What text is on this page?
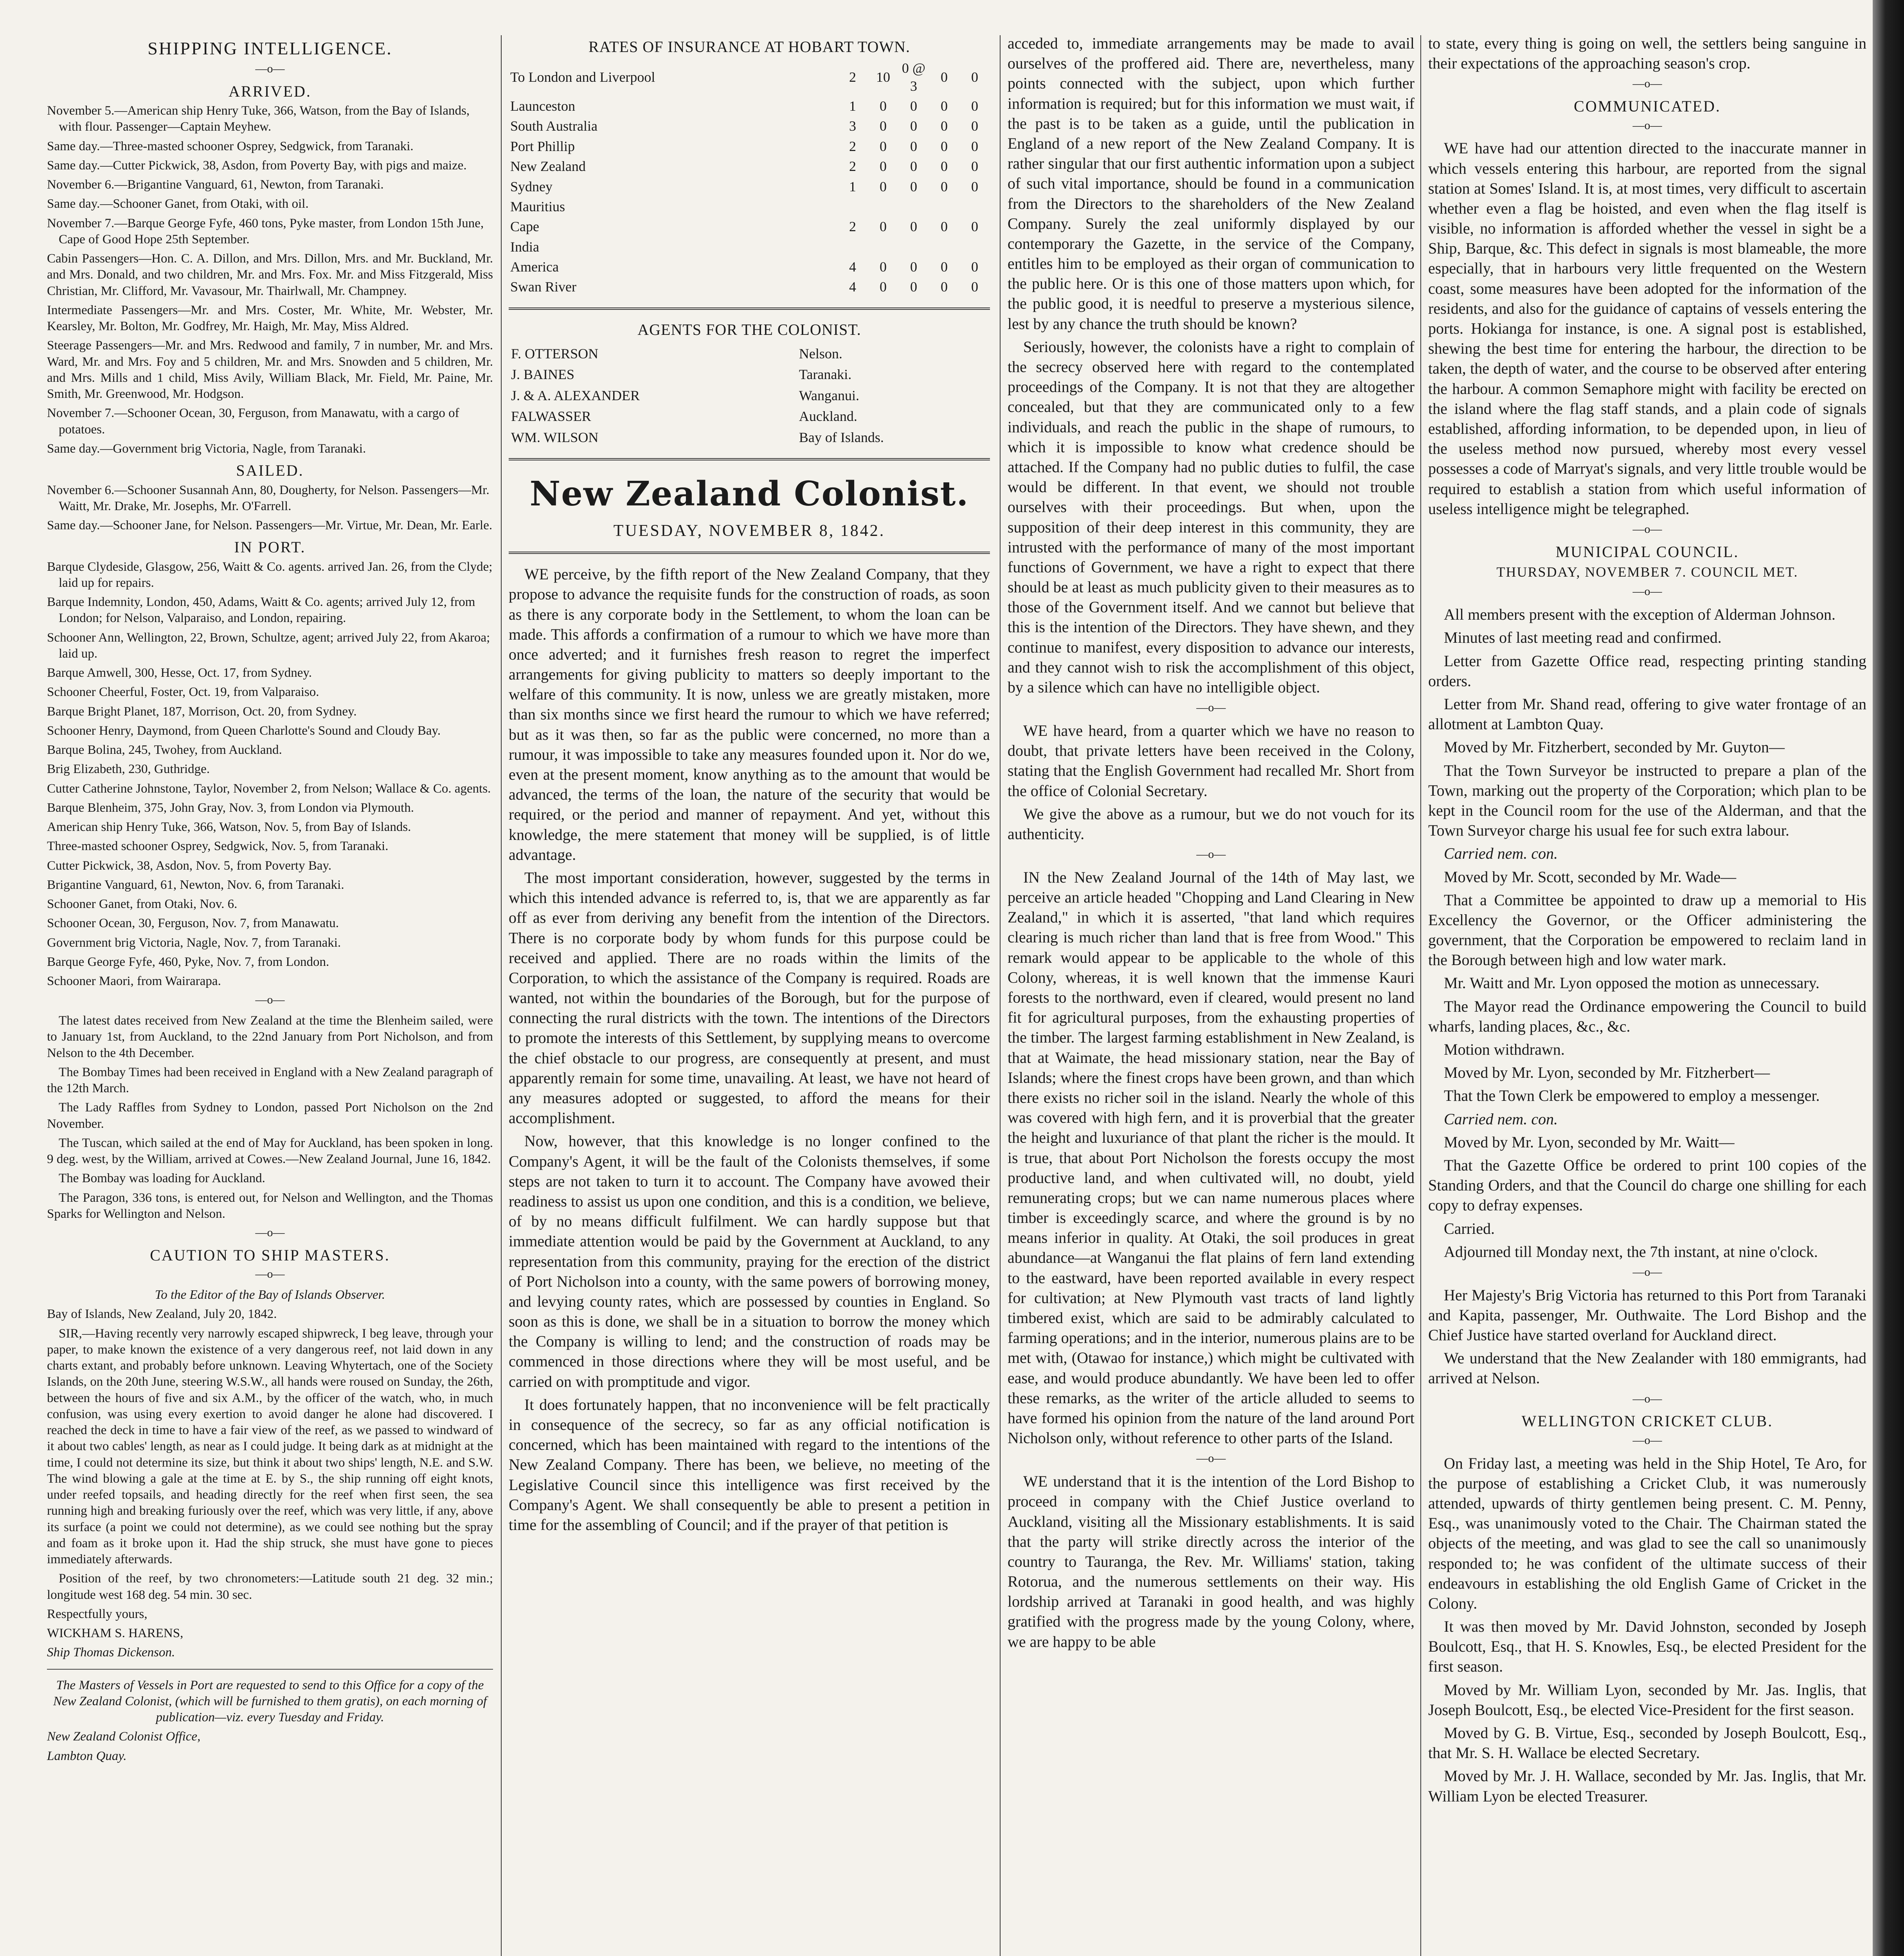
SHIPPING INTELLIGENCE.
—o—
ARRIVED.

November 5.—American ship Henry Tuke, 366, Watson, from the Bay of Islands, with flour. Passenger—Captain Meyhew.

Same day.—Three-masted schooner Osprey, Sedgwick, from Taranaki.

Same day.—Cutter Pickwick, 38, Asdon, from Poverty Bay, with pigs and maize.

November 6.—Brigantine Vanguard, 61, Newton, from Taranaki.

Same day.—Schooner Ganet, from Otaki, with oil.

November 7.—Barque George Fyfe, 460 tons, Pyke master, from London 15th June, Cape of Good Hope 25th September.

Cabin Passengers—Hon. C. A. Dillon, and Mrs. Dillon, Mrs. and Mr. Buckland, Mr. and Mrs. Donald, and two children, Mr. and Mrs. Fox. Mr. and Miss Fitzgerald, Miss Christian, Mr. Clifford, Mr. Vavasour, Mr. Thairlwall, Mr. Champney.

Intermediate Passengers—Mr. and Mrs. Coster, Mr. White, Mr. Webster, Mr. Kearsley, Mr. Bolton, Mr. Godfrey, Mr. Haigh, Mr. May, Miss Aldred.

Steerage Passengers—Mr. and Mrs. Redwood and family, 7 in number, Mr. and Mrs. Ward, Mr. and Mrs. Foy and 5 children, Mr. and Mrs. Snowden and 5 children, Mr. and Mrs. Mills and 1 child, Miss Avily, William Black, Mr. Field, Mr. Paine, Mr. Smith, Mr. Greenwood, Mr. Hodgson.

November 7.—Schooner Ocean, 30, Ferguson, from Manawatu, with a cargo of potatoes.

Same day.—Government brig Victoria, Nagle, from Taranaki.

SAILED.

November 6.—Schooner Susannah Ann, 80, Dougherty, for Nelson. Passengers—Mr. Waitt, Mr. Drake, Mr. Josephs, Mr. O'Farrell.

Same day.—Schooner Jane, for Nelson. Passengers—Mr. Virtue, Mr. Dean, Mr. Earle.

IN PORT.

Barque Clydeside, Glasgow, 256, Waitt & Co. agents. arrived Jan. 26, from the Clyde; laid up for repairs.

Barque Indemnity, London, 450, Adams, Waitt & Co. agents; arrived July 12, from London; for Nelson, Valparaiso, and London, repairing.

Schooner Ann, Wellington, 22, Brown, Schultze, agent; arrived July 22, from Akaroa; laid up.

Barque Amwell, 300, Hesse, Oct. 17, from Sydney.

Schooner Cheerful, Foster, Oct. 19, from Valparaiso.

Barque Bright Planet, 187, Morrison, Oct. 20, from Sydney.

Schooner Henry, Daymond, from Queen Charlotte's Sound and Cloudy Bay.

Barque Bolina, 245, Twohey, from Auckland.

Brig Elizabeth, 230, Guthridge.

Cutter Catherine Johnstone, Taylor, November 2, from Nelson; Wallace & Co. agents.

Barque Blenheim, 375, John Gray, Nov. 3, from London via Plymouth.

American ship Henry Tuke, 366, Watson, Nov. 5, from Bay of Islands.

Three-masted schooner Osprey, Sedgwick, Nov. 5, from Taranaki.

Cutter Pickwick, 38, Asdon, Nov. 5, from Poverty Bay.

Brigantine Vanguard, 61, Newton, Nov. 6, from Taranaki.

Schooner Ganet, from Otaki, Nov. 6.

Schooner Ocean, 30, Ferguson, Nov. 7, from Manawatu.

Government brig Victoria, Nagle, Nov. 7, from Taranaki.

Barque George Fyfe, 460, Pyke, Nov. 7, from London.

Schooner Maori, from Wairarapa.

—o—

The latest dates received from New Zealand at the time the Blenheim sailed, were to January 1st, from Auckland, to the 22nd January from Port Nicholson, and from Nelson to the 4th December.

The Bombay Times had been received in England with a New Zealand paragraph of the 12th March.

The Lady Raffles from Sydney to London, passed Port Nicholson on the 2nd November.

The Tuscan, which sailed at the end of May for Auckland, has been spoken in long. 9 deg. west, by the William, arrived at Cowes.—New Zealand Journal, June 16, 1842.

The Bombay was loading for Auckland.

The Paragon, 336 tons, is entered out, for Nelson and Wellington, and the Thomas Sparks for Wellington and Nelson.

—o—
CAUTION TO SHIP MASTERS.
—o—

To the Editor of the Bay of Islands Observer.

Bay of Islands, New Zealand, July 20, 1842.

SIR,—Having recently very narrowly escaped shipwreck, I beg leave, through your paper, to make known the existence of a very dangerous reef, not laid down in any charts extant, and probably before unknown. Leaving Whytertach, one of the Society Islands, on the 20th June, steering W.S.W., all hands were roused on Sunday, the 26th, between the hours of five and six A.M., by the officer of the watch, who, in much confusion, was using every exertion to avoid danger he alone had discovered. I reached the deck in time to have a fair view of the reef, as we passed to windward of it about two cables' length, as near as I could judge. It being dark as at midnight at the time, I could not determine its size, but think it about two ships' length, N.E. and S.W. The wind blowing a gale at the time at E. by S., the ship running off eight knots, under reefed topsails, and heading directly for the reef when first seen, the sea running high and breaking furiously over the reef, which was very little, if any, above its surface (a point we could not determine), as we could see nothing but the spray and foam as it broke upon it. Had the ship struck, she must have gone to pieces immediately afterwards.

Position of the reef, by two chronometers:—Latitude south 21 deg. 32 min.; longitude west 168 deg. 54 min. 30 sec.

Respectfully yours,

WICKHAM S. HARENS,

Ship Thomas Dickenson.

The Masters of Vessels in Port are requested to send to this Office for a copy of the New Zealand Colonist, (which will be furnished to them gratis), on each morning of publication—viz. every Tuesday and Friday.

New Zealand Colonist Office,

Lambton Quay.

RATES OF INSURANCE AT HOBART TOWN.
To London and Liverpool	2	10	0 @ 3	0	0
Launceston	1	0	0	0	0
South Australia	3	0	0	0	0
Port Phillip	2	0	0	0	0
New Zealand	2	0	0	0	0
Sydney	1	0	0	0	0
Mauritius					
Cape	2	0	0	0	0
India					
America	4	0	0	0	0
Swan River	4	0	0	0	0
AGENTS FOR THE COLONIST.
F. OTTERSON	Nelson.
J. BAINES	Taranaki.
J. & A. ALEXANDER	Wanganui.
FALWASSER	Auckland.
WM. WILSON	Bay of Islands.
New Zealand Colonist.
TUESDAY, NOVEMBER 8, 1842.

WE perceive, by the fifth report of the New Zealand Company, that they propose to advance the requisite funds for the construction of roads, as soon as there is any corporate body in the Settlement, to whom the loan can be made. This affords a confirmation of a rumour to which we have more than once adverted; and it furnishes fresh reason to regret the imperfect arrangements for giving publicity to matters so deeply important to the welfare of this community. It is now, unless we are greatly mistaken, more than six months since we first heard the rumour to which we have referred; but as it was then, so far as the public were concerned, no more than a rumour, it was impossible to take any measures founded upon it. Nor do we, even at the present moment, know anything as to the amount that would be advanced, the terms of the loan, the nature of the security that would be required, or the period and manner of repayment. And yet, without this knowledge, the mere statement that money will be supplied, is of little advantage.

The most important consideration, however, suggested by the terms in which this intended advance is referred to, is, that we are apparently as far off as ever from deriving any benefit from the intention of the Directors. There is no corporate body by whom funds for this purpose could be received and applied. There are no roads within the limits of the Corporation, to which the assistance of the Company is required. Roads are wanted, not within the boundaries of the Borough, but for the purpose of connecting the rural districts with the town. The intentions of the Directors to promote the interests of this Settlement, by supplying means to overcome the chief obstacle to our progress, are consequently at present, and must apparently remain for some time, unavailing. At least, we have not heard of any measures adopted or suggested, to afford the means for their accomplishment.

Now, however, that this knowledge is no longer confined to the Company's Agent, it will be the fault of the Colonists themselves, if some steps are not taken to turn it to account. The Company have avowed their readiness to assist us upon one condition, and this is a condition, we believe, of by no means difficult fulfilment. We can hardly suppose but that immediate attention would be paid by the Government at Auckland, to any representation from this community, praying for the erection of the district of Port Nicholson into a county, with the same powers of borrowing money, and levying county rates, which are possessed by counties in England. So soon as this is done, we shall be in a situation to borrow the money which the Company is willing to lend; and the construction of roads may be commenced in those directions where they will be most useful, and be carried on with promptitude and vigor.

It does fortunately happen, that no inconvenience will be felt practically in consequence of the secrecy, so far as any official notification is concerned, which has been maintained with regard to the intentions of the New Zealand Company. There has been, we believe, no meeting of the Legislative Council since this intelligence was first received by the Company's Agent. We shall consequently be able to present a petition in time for the assembling of Council; and if the prayer of that petition is

acceded to, immediate arrangements may be made to avail ourselves of the proffered aid. There are, nevertheless, many points connected with the subject, upon which further information is required; but for this information we must wait, if the past is to be taken as a guide, until the publication in England of a new report of the New Zealand Company. It is rather singular that our first authentic information upon a subject of such vital importance, should be found in a communication from the Directors to the shareholders of the New Zealand Company. Surely the zeal uniformly displayed by our contemporary the Gazette, in the service of the Company, entitles him to be employed as their organ of communication to the public here. Or is this one of those matters upon which, for the public good, it is needful to preserve a mysterious silence, lest by any chance the truth should be known?

Seriously, however, the colonists have a right to complain of the secrecy observed here with regard to the contemplated proceedings of the Company. It is not that they are altogether concealed, but that they are communicated only to a few individuals, and reach the public in the shape of rumours, to which it is impossible to know what credence should be attached. If the Company had no public duties to fulfil, the case would be different. In that event, we should not trouble ourselves with their proceedings. But when, upon the supposition of their deep interest in this community, they are intrusted with the performance of many of the most important functions of Government, we have a right to expect that there should be at least as much publicity given to their measures as to those of the Government itself. And we cannot but believe that this is the intention of the Directors. They have shewn, and they continue to manifest, every disposition to advance our interests, and they cannot wish to risk the accomplishment of this object, by a silence which can have no intelligible object.

—o—

WE have heard, from a quarter which we have no reason to doubt, that private letters have been received in the Colony, stating that the English Government had recalled Mr. Short from the office of Colonial Secretary.

We give the above as a rumour, but we do not vouch for its authenticity.

—o—

IN the New Zealand Journal of the 14th of May last, we perceive an article headed "Chopping and Land Clearing in New Zealand," in which it is asserted, "that land which requires clearing is much richer than land that is free from Wood." This remark would appear to be applicable to the whole of this Colony, whereas, it is well known that the immense Kauri forests to the northward, even if cleared, would present no land fit for agricultural purposes, from the exhausting properties of the timber. The largest farming establishment in New Zealand, is that at Waimate, the head missionary station, near the Bay of Islands; where the finest crops have been grown, and than which there exists no richer soil in the island. Nearly the whole of this was covered with high fern, and it is proverbial that the greater the height and luxuriance of that plant the richer is the mould. It is true, that about Port Nicholson the forests occupy the most productive land, and when cultivated will, no doubt, yield remunerating crops; but we can name numerous places where timber is exceedingly scarce, and where the ground is by no means inferior in quality. At Otaki, the soil produces in great abundance—at Wanganui the flat plains of fern land extending to the eastward, have been reported available in every respect for cultivation; at New Plymouth vast tracts of land lightly timbered exist, which are said to be admirably calculated to farming operations; and in the interior, numerous plains are to be met with, (Otawao for instance,) which might be cultivated with ease, and would produce abundantly. We have been led to offer these remarks, as the writer of the article alluded to seems to have formed his opinion from the nature of the land around Port Nicholson only, without reference to other parts of the Island.

—o—

WE understand that it is the intention of the Lord Bishop to proceed in company with the Chief Justice overland to Auckland, visiting all the Missionary establishments. It is said that the party will strike directly across the interior of the country to Tauranga, the Rev. Mr. Williams' station, taking Rotorua, and the numerous settlements on their way. His lordship arrived at Taranaki in good health, and was highly gratified with the progress made by the young Colony, where, we are happy to be able

to state, every thing is going on well, the settlers being sanguine in their expectations of the approaching season's crop.

—o—
COMMUNICATED.
—o—

WE have had our attention directed to the inaccurate manner in which vessels entering this harbour, are reported from the signal station at Somes' Island. It is, at most times, very difficult to ascertain whether even a flag be hoisted, and even when the flag itself is visible, no information is afforded whether the vessel in sight be a Ship, Barque, &c. This defect in signals is most blameable, the more especially, that in harbours very little frequented on the Western coast, some measures have been adopted for the information of the residents, and also for the guidance of captains of vessels entering the ports. Hokianga for instance, is one. A signal post is established, shewing the best time for entering the harbour, the direction to be taken, the depth of water, and the course to be observed after entering the harbour. A common Semaphore might with facility be erected on the island where the flag staff stands, and a plain code of signals established, affording information, to be depended upon, in lieu of the useless method now pursued, whereby most every vessel possesses a code of Marryat's signals, and very little trouble would be required to establish a station from which useful information of useless intelligence might be telegraphed.

—o—
MUNICIPAL COUNCIL.

THURSDAY, NOVEMBER 7. COUNCIL MET.

—o—

All members present with the exception of Alderman Johnson.

Minutes of last meeting read and confirmed.

Letter from Gazette Office read, respecting printing standing orders.

Letter from Mr. Shand read, offering to give water frontage of an allotment at Lambton Quay.

Moved by Mr. Fitzherbert, seconded by Mr. Guyton—

That the Town Surveyor be instructed to prepare a plan of the Town, marking out the property of the Corporation; which plan to be kept in the Council room for the use of the Alderman, and that the Town Surveyor charge his usual fee for such extra labour.

Carried nem. con.

Moved by Mr. Scott, seconded by Mr. Wade—

That a Committee be appointed to draw up a memorial to His Excellency the Governor, or the Officer administering the government, that the Corporation be empowered to reclaim land in the Borough between high and low water mark.

Mr. Waitt and Mr. Lyon opposed the motion as unnecessary.

The Mayor read the Ordinance empowering the Council to build wharfs, landing places, &c., &c.

Motion withdrawn.

Moved by Mr. Lyon, seconded by Mr. Fitzherbert—

That the Town Clerk be empowered to employ a messenger.

Carried nem. con.

Moved by Mr. Lyon, seconded by Mr. Waitt—

That the Gazette Office be ordered to print 100 copies of the Standing Orders, and that the Council do charge one shilling for each copy to defray expenses.

Carried.

Adjourned till Monday next, the 7th instant, at nine o'clock.

—o—

Her Majesty's Brig Victoria has returned to this Port from Taranaki and Kapita, passenger, Mr. Outhwaite. The Lord Bishop and the Chief Justice have started overland for Auckland direct.

We understand that the New Zealander with 180 emmigrants, had arrived at Nelson.

—o—
WELLINGTON CRICKET CLUB.
—o—

On Friday last, a meeting was held in the Ship Hotel, Te Aro, for the purpose of establishing a Cricket Club, it was numerously attended, upwards of thirty gentlemen being present. C. M. Penny, Esq., was unanimously voted to the Chair. The Chairman stated the objects of the meeting, and was glad to see the call so unanimously responded to; he was confident of the ultimate success of their endeavours in establishing the old English Game of Cricket in the Colony.

It was then moved by Mr. David Johnston, seconded by Joseph Boulcott, Esq., that H. S. Knowles, Esq., be elected President for the first season.

Moved by Mr. William Lyon, seconded by Mr. Jas. Inglis, that Joseph Boulcott, Esq., be elected Vice-President for the first season.

Moved by G. B. Virtue, Esq., seconded by Joseph Boulcott, Esq., that Mr. S. H. Wallace be elected Secretary.

Moved by Mr. J. H. Wallace, seconded by Mr. Jas. Inglis, that Mr. William Lyon be elected Treasurer.
